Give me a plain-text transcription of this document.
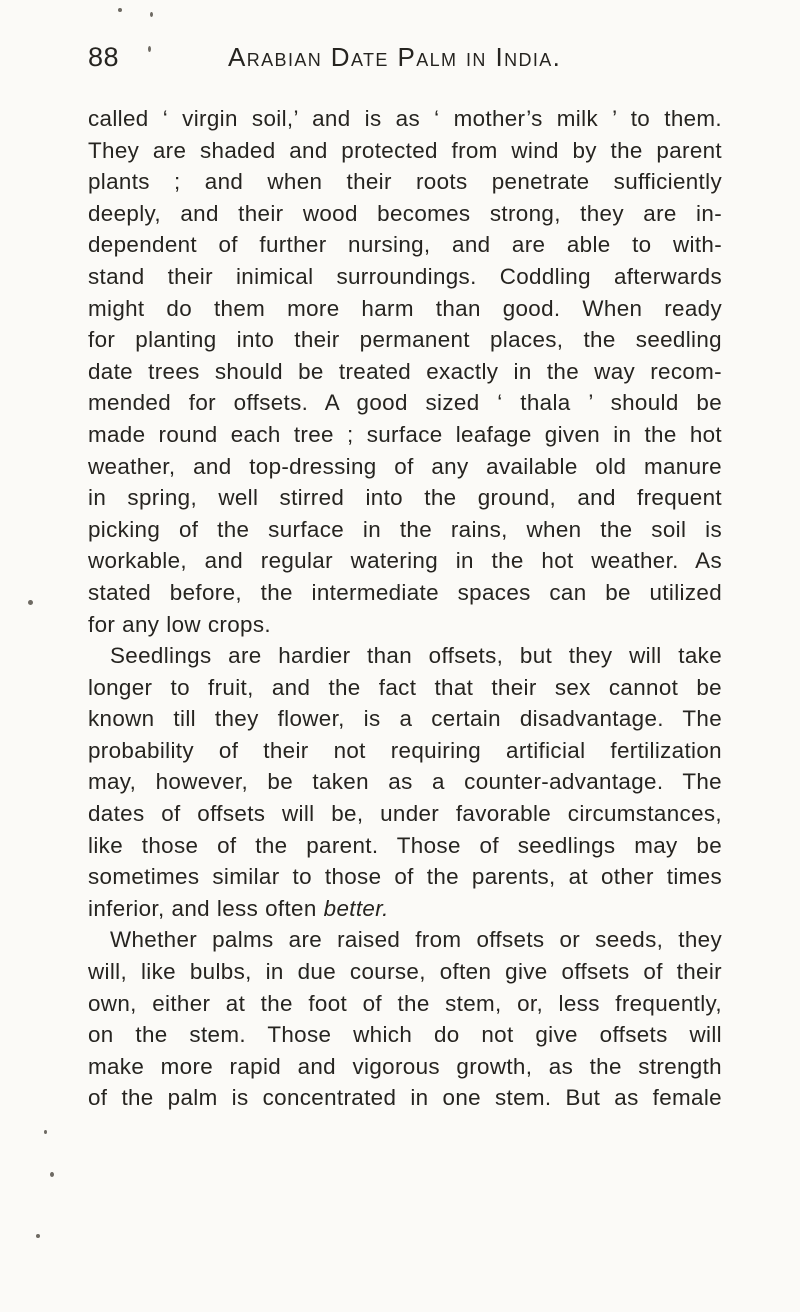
88	Arabian Date Palm in India.
called ‘ virgin soil,’ and is as ‘ mother’s milk ’ to them.
They are shaded and protected from wind by the parent
plants ; and when their roots penetrate sufficiently
deeply, and their wood becomes strong, they are in-
dependent of further nursing, and are able to with-
stand their inimical surroundings. Coddling afterwards
might do them more harm than good. When ready
for planting into their permanent places, the seedling
date trees should be treated exactly in the way recom-
mended for offsets. A good sized ‘ thala ’ should be
made round each tree ; surface leafage given in the hot
weather, and top-dressing of any available old manure
in spring, well stirred into the ground, and frequent
picking of the surface in the rains, when the soil is
workable, and regular watering in the hot weather. As
stated before, the intermediate spaces can be utilized
for any low crops.
Seedlings are hardier than offsets, but they will take
longer to fruit, and the fact that their sex cannot be
known till they flower, is a certain disadvantage. The
probability of their not requiring artificial fertilization
may, however, be taken as a counter-advantage. The
dates of offsets will be, under favorable circumstances,
like those of the parent. Those of seedlings may be
sometimes similar to those of the parents, at other times
inferior, and less often better.
Whether palms are raised from offsets or seeds, they
will, like bulbs, in due course, often give offsets of their
own, either at the foot of the stem, or, less frequently,
on the stem. Those which do not give offsets will
make more rapid and vigorous growth, as the strength
of the palm is concentrated in one stem. But as female
